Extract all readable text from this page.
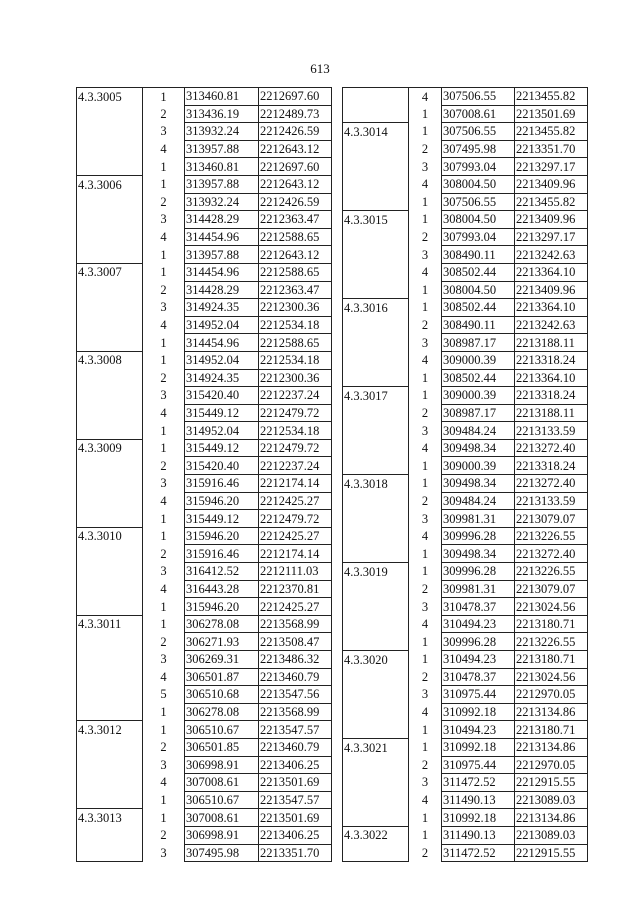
613
4.3.3005	1	313460.81	2212697.60
	2	313436.19	2212489.73
	3	313932.24	2212426.59
	4	313957.88	2212643.12
	1	313460.81	2212697.60
4.3.3006	1	313957.88	2212643.12
	2	313932.24	2212426.59
	3	314428.29	2212363.47
	4	314454.96	2212588.65
	1	313957.88	2212643.12
4.3.3007	1	314454.96	2212588.65
	2	314428.29	2212363.47
	3	314924.35	2212300.36
	4	314952.04	2212534.18
	1	314454.96	2212588.65
4.3.3008	1	314952.04	2212534.18
	2	314924.35	2212300.36
	3	315420.40	2212237.24
	4	315449.12	2212479.72
	1	314952.04	2212534.18
4.3.3009	1	315449.12	2212479.72
	2	315420.40	2212237.24
	3	315916.46	2212174.14
	4	315946.20	2212425.27
	1	315449.12	2212479.72
4.3.3010	1	315946.20	2212425.27
	2	315916.46	2212174.14
	3	316412.52	2212111.03
	4	316443.28	2212370.81
	1	315946.20	2212425.27
4.3.3011	1	306278.08	2213568.99
	2	306271.93	2213508.47
	3	306269.31	2213486.32
	4	306501.87	2213460.79
	5	306510.68	2213547.56
	1	306278.08	2213568.99
4.3.3012	1	306510.67	2213547.57
	2	306501.85	2213460.79
	3	306998.91	2213406.25
	4	307008.61	2213501.69
	1	306510.67	2213547.57
4.3.3013	1	307008.61	2213501.69
	2	306998.91	2213406.25
	3	307495.98	2213351.70
	4	307506.55	2213455.82
	1	307008.61	2213501.69
4.3.3014	1	307506.55	2213455.82
	2	307495.98	2213351.70
	3	307993.04	2213297.17
	4	308004.50	2213409.96
	1	307506.55	2213455.82
4.3.3015	1	308004.50	2213409.96
	2	307993.04	2213297.17
	3	308490.11	2213242.63
	4	308502.44	2213364.10
	1	308004.50	2213409.96
4.3.3016	1	308502.44	2213364.10
	2	308490.11	2213242.63
	3	308987.17	2213188.11
	4	309000.39	2213318.24
	1	308502.44	2213364.10
4.3.3017	1	309000.39	2213318.24
	2	308987.17	2213188.11
	3	309484.24	2213133.59
	4	309498.34	2213272.40
	1	309000.39	2213318.24
4.3.3018	1	309498.34	2213272.40
	2	309484.24	2213133.59
	3	309981.31	2213079.07
	4	309996.28	2213226.55
	1	309498.34	2213272.40
4.3.3019	1	309996.28	2213226.55
	2	309981.31	2213079.07
	3	310478.37	2213024.56
	4	310494.23	2213180.71
	1	309996.28	2213226.55
4.3.3020	1	310494.23	2213180.71
	2	310478.37	2213024.56
	3	310975.44	2212970.05
	4	310992.18	2213134.86
	1	310494.23	2213180.71
4.3.3021	1	310992.18	2213134.86
	2	310975.44	2212970.05
	3	311472.52	2212915.55
	4	311490.13	2213089.03
	1	310992.18	2213134.86
4.3.3022	1	311490.13	2213089.03
	2	311472.52	2212915.55
